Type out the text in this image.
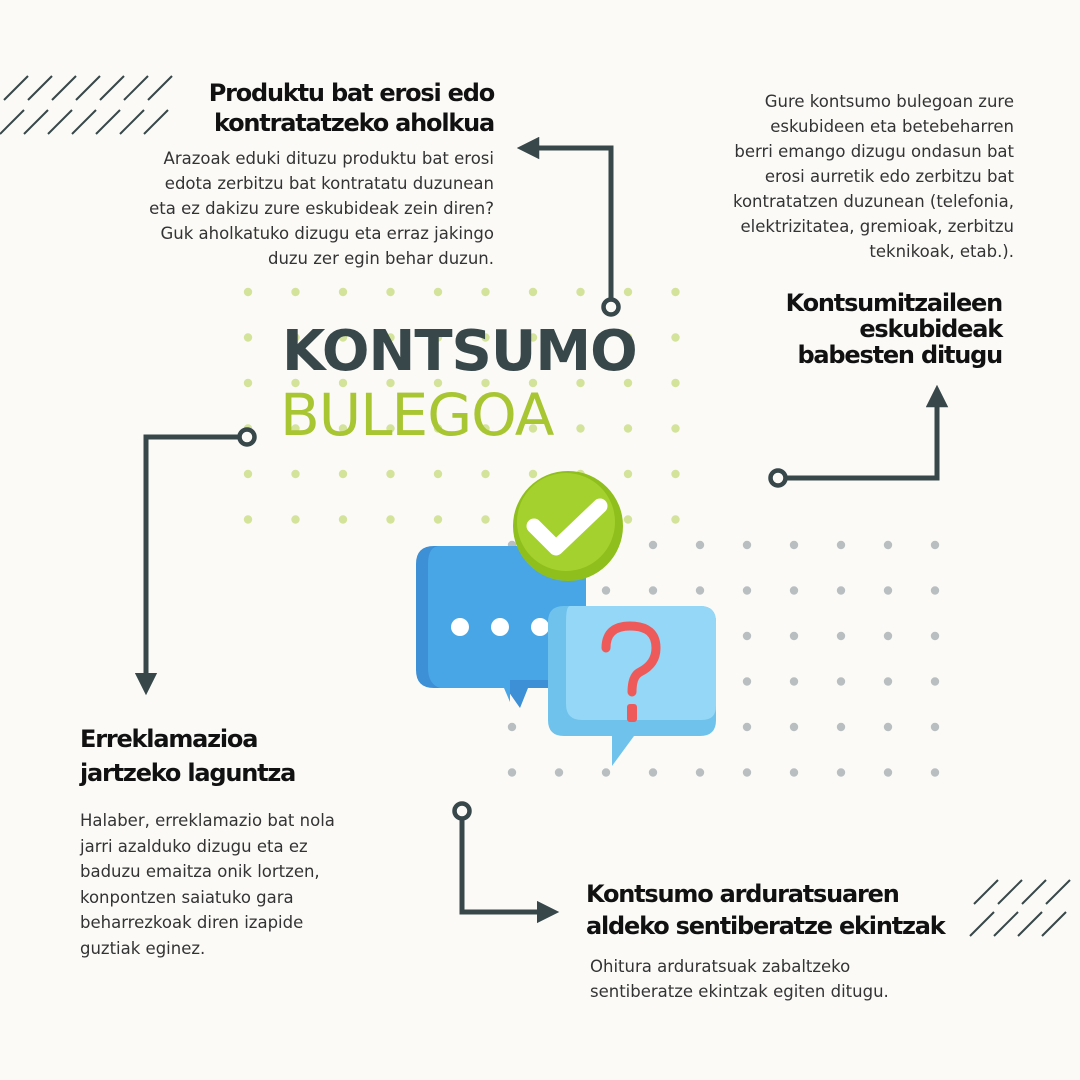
KONTSUMO
BULEGOA

Produktu bat erosi edo
kontratatzeko aholkua

Arazoak eduki dituzu produktu bat erosi
edota zerbitzu bat kontratatu duzunean
eta ez dakizu zure eskubideak zein diren?
Guk aholkatuko dizugu eta erraz jakingo
duzu zer egin behar duzun.

Gure kontsumo bulegoan zure
eskubideen eta betebeharren
berri emango dizugu ondasun bat
erosi aurretik edo zerbitzu bat
kontratatzen duzunean (telefonia,
elektrizitatea, gremioak, zerbitzu
teknikoak, etab.).

Kontsumitzaileen
eskubideak
babesten ditugu

Erreklamazioa
jartzeko laguntza

Halaber, erreklamazio bat nola
jarri azalduko dizugu eta ez
baduzu emaitza onik lortzen,
konpontzen saiatuko gara
beharrezkoak diren izapide
guztiak eginez.

Kontsumo arduratsuaren
aldeko sentiberatze ekintzak

Ohitura arduratsuak zabaltzeko
sentiberatze ekintzak egiten ditugu.
